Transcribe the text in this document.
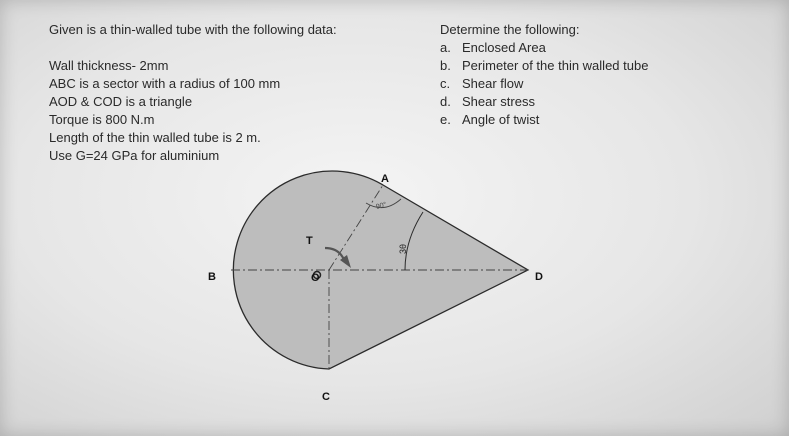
Given is a thin-walled tube with the following data:
Wall thickness- 2mm
ABC is a sector with a radius of 100 mm
AOD & COD is a triangle
Torque is 800 N.m
Length of the thin walled tube is 2 m.
Use G=24 GPa for aluminium
Determine the following:
a. Enclosed Area
b. Perimeter of the thin walled tube
c. Shear flow
d. Shear stress
e. Angle of twist
A
B
C
D
O
T
90°
3θ
